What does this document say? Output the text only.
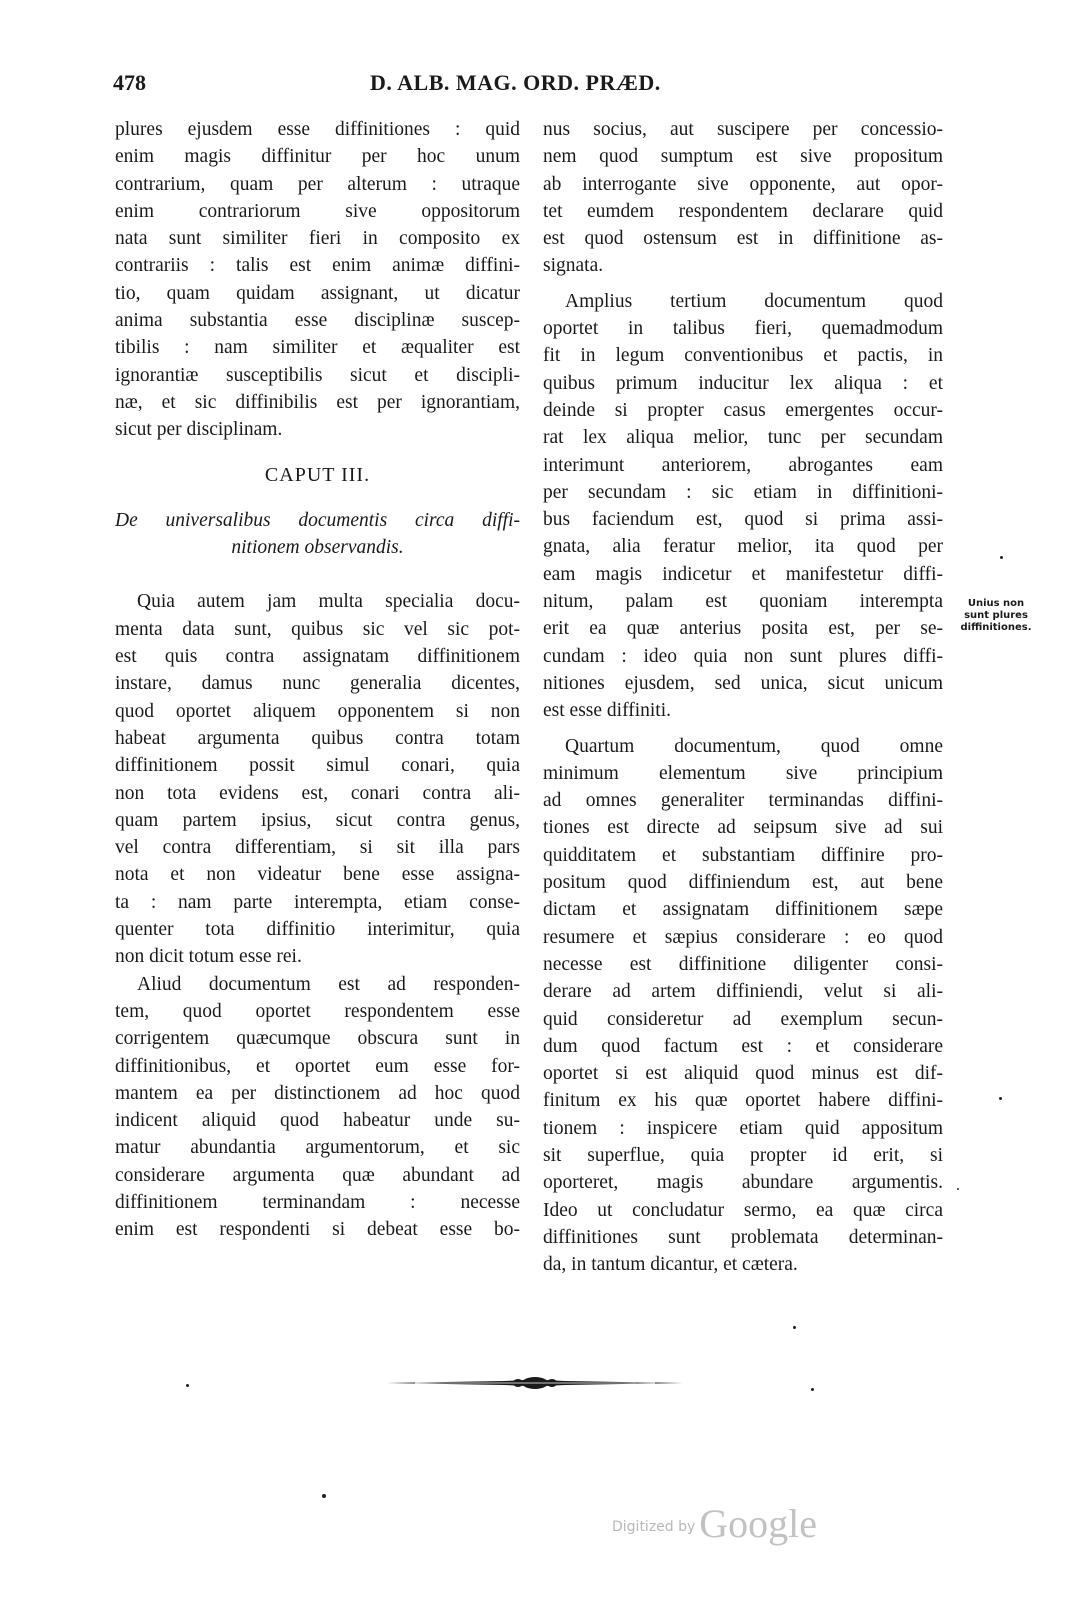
478	D. ALB. MAG. ORD. PRÆD.
plures ejusdem esse diffinitiones : quid
enim magis diffinitur per hoc unum
contrarium, quam per alterum : utraque
enim contrariorum sive oppositorum
nata sunt similiter fieri in composito ex
contrariis : talis est enim animæ diffini-
tio, quam quidam assignant, ut dicatur
anima substantia esse disciplinæ suscep-
tibilis : nam similiter et æqualiter est
ignorantiæ susceptibilis sicut et discipli-
næ, et sic diffinibilis est per ignorantiam,
sicut per disciplinam.
CAPUT III.
De universalibus documentis circa diffi-
nitionem observandis.
Quia autem jam multa specialia docu-
menta data sunt, quibus sic vel sic pot-
est quis contra assignatam diffinitionem
instare, damus nunc generalia dicentes,
quod oportet aliquem opponentem si non
habeat argumenta quibus contra totam
diffinitionem possit simul conari, quia
non tota evidens est, conari contra ali-
quam partem ipsius, sicut contra genus,
vel contra differentiam, si sit illa pars
nota et non videatur bene esse assigna-
ta : nam parte interempta, etiam conse-
quenter tota diffinitio interimitur, quia
non dicit totum esse rei.
Aliud documentum est ad responden-
tem, quod oportet respondentem esse
corrigentem quæcumque obscura sunt in
diffinitionibus, et oportet eum esse for-
mantem ea per distinctionem ad hoc quod
indicent aliquid quod habeatur unde su-
matur abundantia argumentorum, et sic
considerare argumenta quæ abundant ad
diffinitionem terminandam : necesse
enim est respondenti si debeat esse bo-
nus socius, aut suscipere per concessio-
nem quod sumptum est sive propositum
ab interrogante sive opponente, aut opor-
tet eumdem respondentem declarare quid
est quod ostensum est in diffinitione as-
signata.
Amplius tertium documentum quod
oportet in talibus fieri, quemadmodum
fit in legum conventionibus et pactis, in
quibus primum inducitur lex aliqua : et
deinde si propter casus emergentes occur-
rat lex aliqua melior, tunc per secundam
interimunt anteriorem, abrogantes eam
per secundam : sic etiam in diffinitioni-
bus faciendum est, quod si prima assi-
gnata, alia feratur melior, ita quod per
eam magis indicetur et manifestetur diffi-
nitum, palam est quoniam interempta
erit ea quæ anterius posita est, per se-
cundam : ideo quia non sunt plures diffi-
nitiones ejusdem, sed unica, sicut unicum
est esse diffiniti.
Quartum documentum, quod omne
minimum elementum sive principium
ad omnes generaliter terminandas diffini-
tiones est directe ad seipsum sive ad sui
quidditatem et substantiam diffinire pro-
positum quod diffiniendum est, aut bene
dictam et assignatam diffinitionem sæpe
resumere et sæpius considerare : eo quod
necesse est diffinitione diligenter consi-
derare ad artem diffiniendi, velut si ali-
quid consideretur ad exemplum secun-
dum quod factum est : et considerare
oportet si est aliquid quod minus est dif-
finitum ex his quæ oportet habere diffini-
tionem : inspicere etiam quid appositum
sit superflue, quia propter id erit, si
oporteret, magis abundare argumentis.
Ideo ut concludatur sermo, ea quæ circa
diffinitiones sunt problemata determinan-
da, in tantum dicantur, et cætera.
Unius non
sunt plures
diffinitiones.
Digitized by Google
